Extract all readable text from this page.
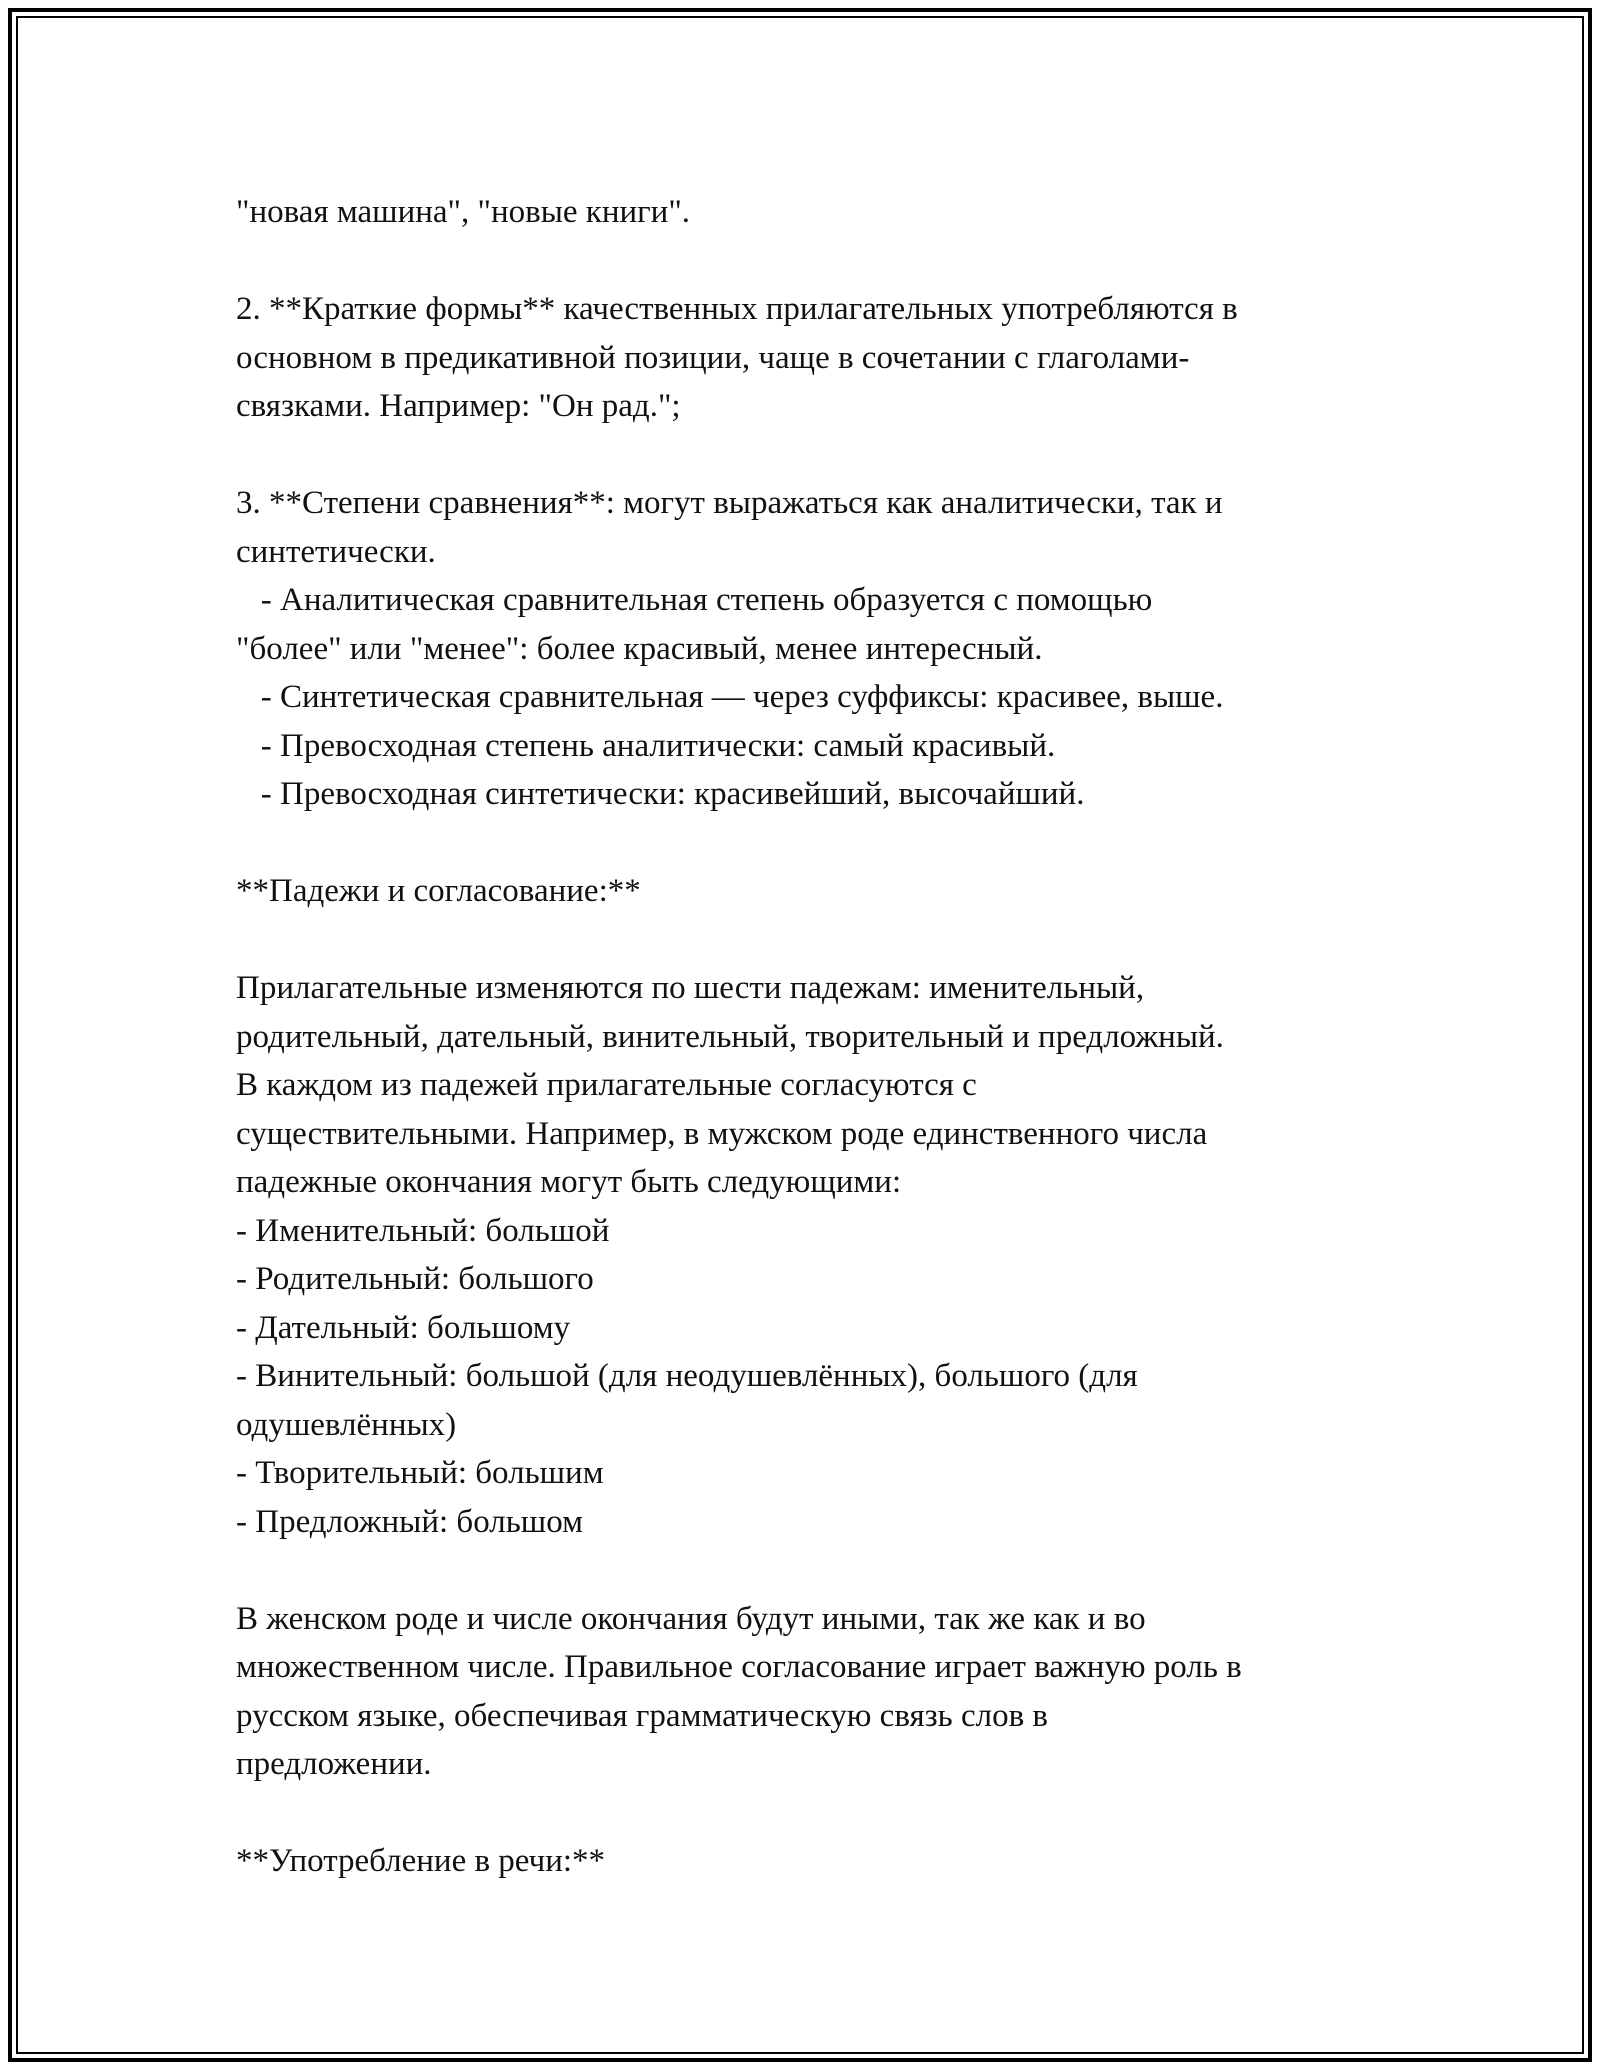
"новая машина", "новые книги".
2. **Краткие формы** качественных прилагательных употребляются в
основном в предикативной позиции, чаще в сочетании с глаголами-
связками. Например: "Он рад.";
3. **Степени сравнения**: могут выражаться как аналитически, так и
синтетически.
- Аналитическая сравнительная степень образуется с помощью
"более" или "менее": более красивый, менее интересный.
- Синтетическая сравнительная — через суффиксы: красивее, выше.
- Превосходная степень аналитически: самый красивый.
- Превосходная синтетически: красивейший, высочайший.
**Падежи и согласование:**
Прилагательные изменяются по шести падежам: именительный,
родительный, дательный, винительный, творительный и предложный.
В каждом из падежей прилагательные согласуются с
существительными. Например, в мужском роде единственного числа
падежные окончания могут быть следующими:
- Именительный: большой
- Родительный: большого
- Дательный: большому
- Винительный: большой (для неодушевлённых), большого (для
одушевлённых)
- Творительный: большим
- Предложный: большом
В женском роде и числе окончания будут иными, так же как и во
множественном числе. Правильное согласование играет важную роль в
русском языке, обеспечивая грамматическую связь слов в
предложении.
**Употребление в речи:**
